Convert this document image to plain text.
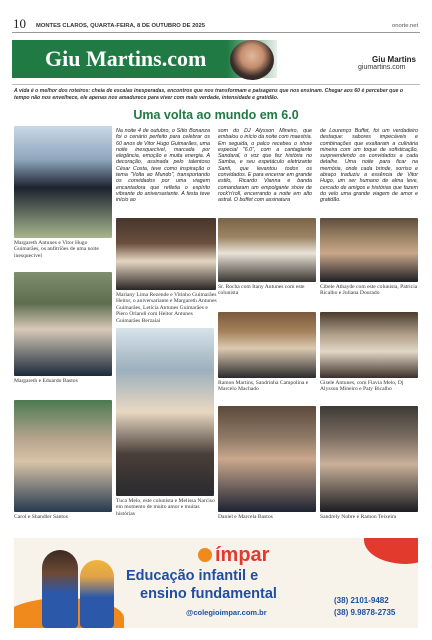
10 MONTES CLAROS, QUARTA-FEIRA, 8 DE OUTUBRO DE 2025	onorte.net
Giu Martins.com	Giu Martins
giumartins.com
A vida é o melhor dos roteiros: cheia de escalas inesperadas, encontros que nos transformam e paisagens que nos ensinam. Chegar aos 60 é perceber que o tempo não nos envelhece, ele apenas nos amadurece para viver com mais verdade, intensidade e gratidão.
Uma volta ao mundo em 6.0
Margareth Antunes e Vitor Hugo Guimarães, os anfitriões de uma noite inesquecível
Na noite 4 de outubro, o Sítio Bonanza foi o cenário perfeito para celebrar os 60 anos de Vitor Hugo Guimarães, uma noite inesquecível, marcada por elegância, emoção e muita energia. A decoração, assinada pelo talentoso César Costa, teve como inspiração o tema "Volta ao Mundo", transportando os convidados por uma viagem encantadora que refletia o espírito vibrante do aniversariante. A festa teve início ao
som do DJ Alysson Mineiro, que embalou o início da noite com maestria. Em seguida, o palco recebeu o show especial "6.0", com a cantagiante Sandaral, o voz que fez história no Samba, e seu espetáculo eletrizante Santi, que levantou todos os convidados. E para encerrar em grande estilo, Ricardo Vianna e banda comandaram um empolgante show de rock'n'roll, encerrando a noite em alto astral. O buffet com assinatura
de Lourenço Buffet, foi um verdadeiro destaque: sabores impecáveis e combinações que exaltaram a culinária mineira com um toque de sofisticação, surpreendendo os convidados a cada detalhe. Uma noite para ficar na memória, onde cada brinde, sorriso e abraço traduziu a essência de Vitor Hugo, um ser humano de alma leve, cercado de amigos e histórias que fazem do velo uma grande viagem de amor e gratidão.
Mariany Lima Rezende e Vitinho Guimarães Heitor, o aniversariante e Margareth Antunes Guimarães, Leticia Antunes Guimarães e Piero Orlandi com Heitor Antunes Guimarães Berzaiai
Sr. Rocha com Itany Antunes com este colunista
Cibele Athayde com este colunista, Patricia Ricalho e Juliana Dourado
Margareth e Eduardo Bastos	Ramon Martins, Sandrinha Campolina e Marcelo Machado
Gisele Antunes, com Flavia Melo, Dj Alysson Mineiro e Paty Bicalho
Carol e Shandler Santos
Tuca Melo, este colunista e Melissa Narciso em momento de muito amor e muitas histórias
Daniel e Marcela Bastos	Sandrely Nobre e Ramon Teixeira
ímpar
Educação infantil e
ensino fundamental
@colegioimpar.com.br
(38) 2101-9482
(38) 9.9878-2735
